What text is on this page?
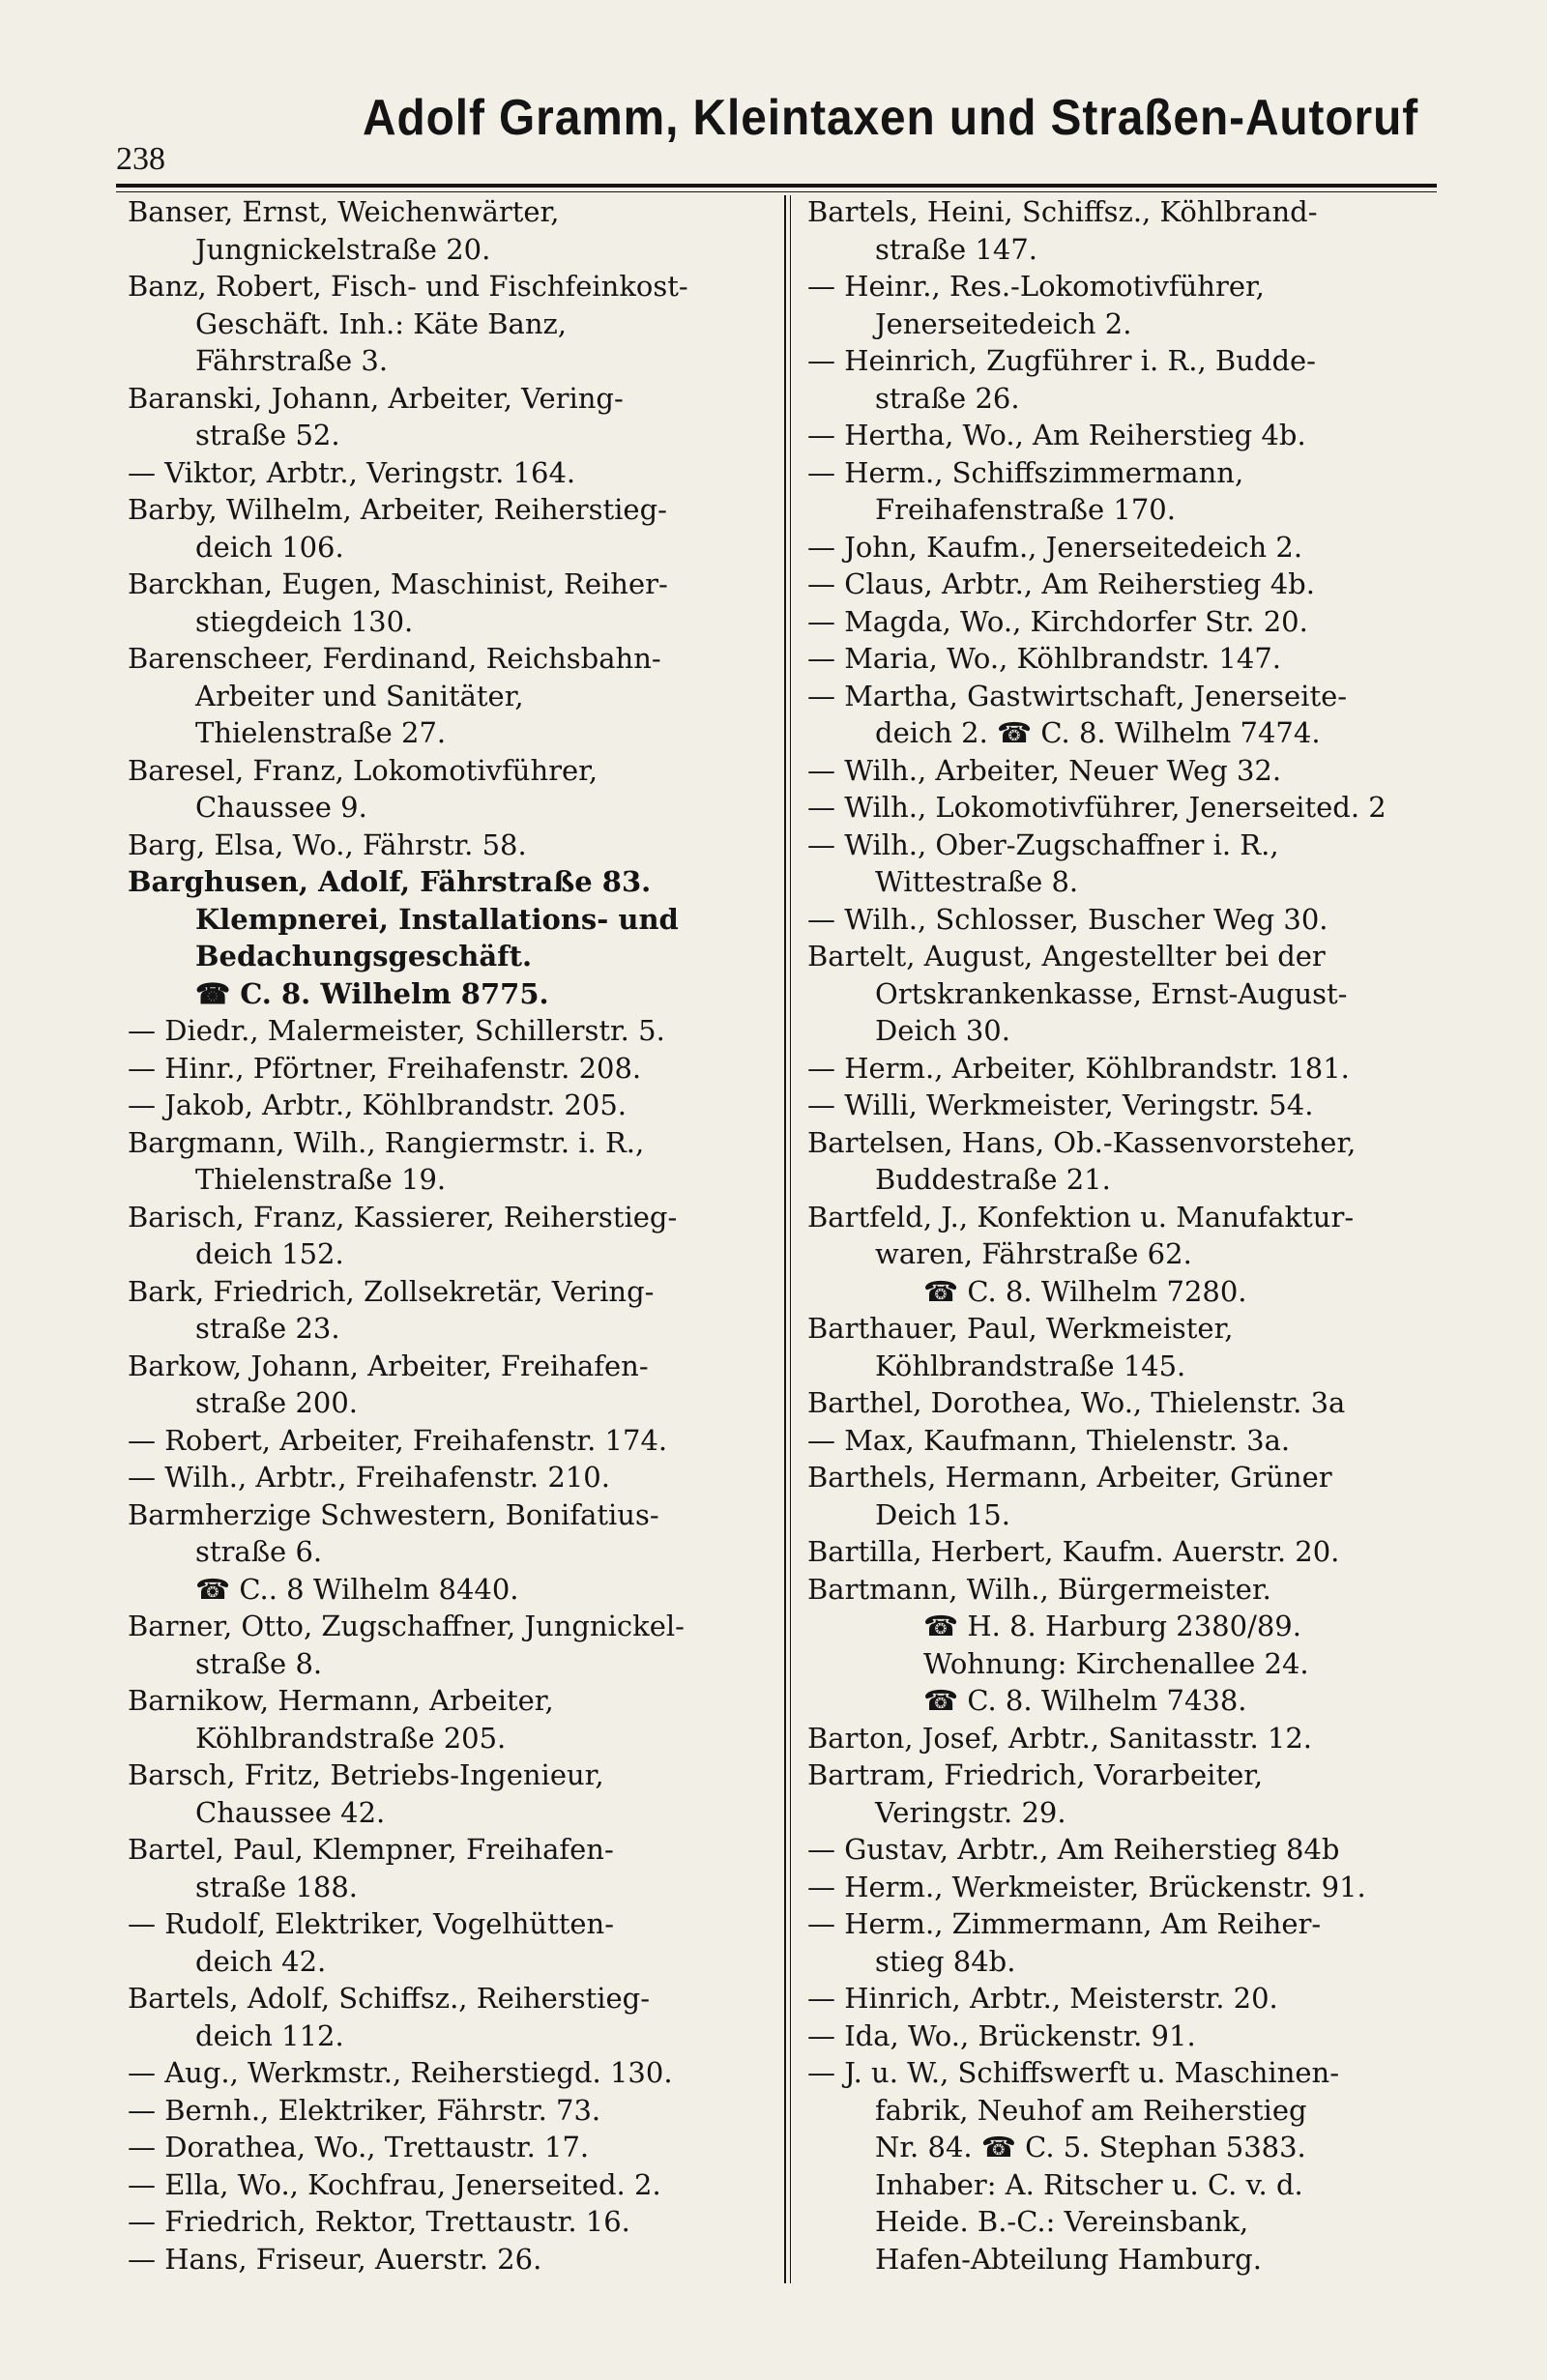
238
Adolf Gramm, Kleintaxen und Straßen-Autoruf
Banser, Ernst, Weichenwärter,
Jungnickelstraße 20.
Banz, Robert, Fisch- und Fischfeinkost-
Geschäft. Inh.: Käte Banz,
Fährstraße 3.
Baranski, Johann, Arbeiter, Vering-
straße 52.
— Viktor, Arbtr., Veringstr. 164.
Barby, Wilhelm, Arbeiter, Reiherstieg-
deich 106.
Barckhan, Eugen, Maschinist, Reiher-
stiegdeich 130.
Barenscheer, Ferdinand, Reichsbahn-
Arbeiter und Sanitäter,
Thielenstraße 27.
Baresel, Franz, Lokomotivführer,
Chaussee 9.
Barg, Elsa, Wo., Fährstr. 58.
Barghusen, Adolf, Fährstraße 83.
Klempnerei, Installations- und
Bedachungsgeschäft.
☎ C. 8. Wilhelm 8775.
— Diedr., Malermeister, Schillerstr. 5.
— Hinr., Pförtner, Freihafenstr. 208.
— Jakob, Arbtr., Köhlbrandstr. 205.
Bargmann, Wilh., Rangiermstr. i. R.,
Thielenstraße 19.
Barisch, Franz, Kassierer, Reiherstieg-
deich 152.
Bark, Friedrich, Zollsekretär, Vering-
straße 23.
Barkow, Johann, Arbeiter, Freihafen-
straße 200.
— Robert, Arbeiter, Freihafenstr. 174.
— Wilh., Arbtr., Freihafenstr. 210.
Barmherzige Schwestern, Bonifatius-
straße 6.
☎ C.. 8 Wilhelm 8440.
Barner, Otto, Zugschaffner, Jungnickel-
straße 8.
Barnikow, Hermann, Arbeiter,
Köhlbrandstraße 205.
Barsch, Fritz, Betriebs-Ingenieur,
Chaussee 42.
Bartel, Paul, Klempner, Freihafen-
straße 188.
— Rudolf, Elektriker, Vogelhütten-
deich 42.
Bartels, Adolf, Schiffsz., Reiherstieg-
deich 112.
— Aug., Werkmstr., Reiherstiegd. 130.
— Bernh., Elektriker, Fährstr. 73.
— Dorathea, Wo., Trettaustr. 17.
— Ella, Wo., Kochfrau, Jenerseited. 2.
— Friedrich, Rektor, Trettaustr. 16.
— Hans, Friseur, Auerstr. 26.
Bartels, Heini, Schiffsz., Köhlbrand-
straße 147.
— Heinr., Res.-Lokomotivführer,
Jenerseitedeich 2.
— Heinrich, Zugführer i. R., Budde-
straße 26.
— Hertha, Wo., Am Reiherstieg 4b.
— Herm., Schiffszimmermann,
Freihafenstraße 170.
— John, Kaufm., Jenerseitedeich 2.
— Claus, Arbtr., Am Reiherstieg 4b.
— Magda, Wo., Kirchdorfer Str. 20.
— Maria, Wo., Köhlbrandstr. 147.
— Martha, Gastwirtschaft, Jenerseite-
deich 2. ☎ C. 8. Wilhelm 7474.
— Wilh., Arbeiter, Neuer Weg 32.
— Wilh., Lokomotivführer, Jenerseited. 2
— Wilh., Ober-Zugschaffner i. R.,
Wittestraße 8.
— Wilh., Schlosser, Buscher Weg 30.
Bartelt, August, Angestellter bei der
Ortskrankenkasse, Ernst-August-
Deich 30.
— Herm., Arbeiter, Köhlbrandstr. 181.
— Willi, Werkmeister, Veringstr. 54.
Bartelsen, Hans, Ob.-Kassenvorsteher,
Buddestraße 21.
Bartfeld, J., Konfektion u. Manufaktur-
waren, Fährstraße 62.
☎ C. 8. Wilhelm 7280.
Barthauer, Paul, Werkmeister,
Köhlbrandstraße 145.
Barthel, Dorothea, Wo., Thielenstr. 3a
— Max, Kaufmann, Thielenstr. 3a.
Barthels, Hermann, Arbeiter, Grüner
Deich 15.
Bartilla, Herbert, Kaufm. Auerstr. 20.
Bartmann, Wilh., Bürgermeister.
☎ H. 8. Harburg 2380/89.
Wohnung: Kirchenallee 24.
☎ C. 8. Wilhelm 7438.
Barton, Josef, Arbtr., Sanitasstr. 12.
Bartram, Friedrich, Vorarbeiter,
Veringstr. 29.
— Gustav, Arbtr., Am Reiherstieg 84b
— Herm., Werkmeister, Brückenstr. 91.
— Herm., Zimmermann, Am Reiher-
stieg 84b.
— Hinrich, Arbtr., Meisterstr. 20.
— Ida, Wo., Brückenstr. 91.
— J. u. W., Schiffswerft u. Maschinen-
fabrik, Neuhof am Reiherstieg
Nr. 84. ☎ C. 5. Stephan 5383.
Inhaber: A. Ritscher u. C. v. d.
Heide. B.-C.: Vereinsbank,
Hafen-Abteilung Hamburg.
